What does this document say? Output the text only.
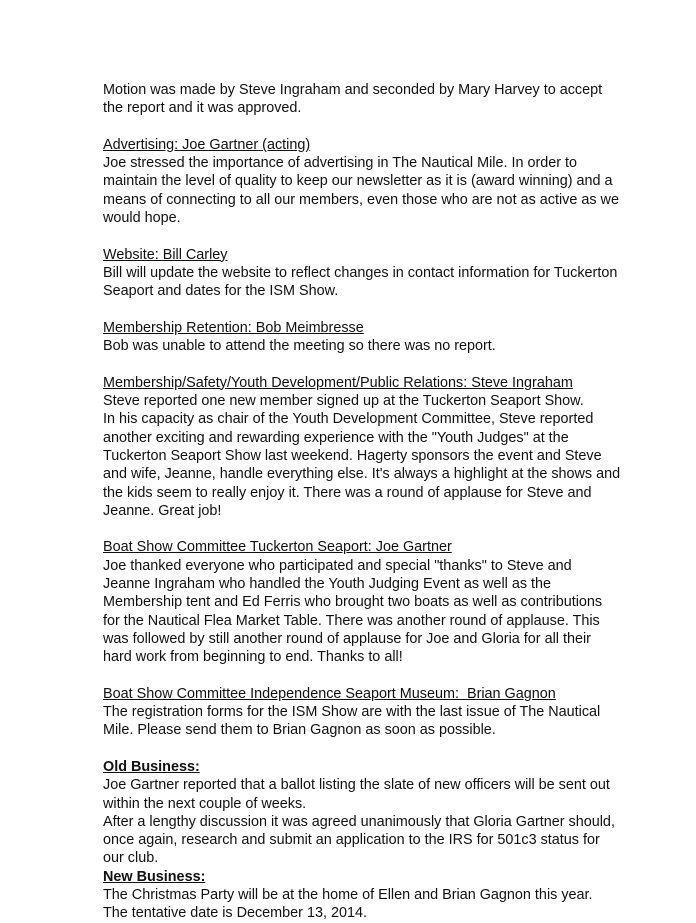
Motion was made by Steve Ingraham and seconded by Mary Harvey to accept
the report and it was approved.
Advertising: Joe Gartner (acting)
Joe stressed the importance of advertising in The Nautical Mile. In order to
maintain the level of quality to keep our newsletter as it is (award winning) and a
means of connecting to all our members, even those who are not as active as we
would hope.
Website: Bill Carley
Bill will update the website to reflect changes in contact information for Tuckerton
Seaport and dates for the ISM Show.
Membership Retention: Bob Meimbresse
Bob was unable to attend the meeting so there was no report.
Membership/Safety/Youth Development/Public Relations: Steve Ingraham
Steve reported one new member signed up at the Tuckerton Seaport Show.
In his capacity as chair of the Youth Development Committee, Steve reported
another exciting and rewarding experience with the "Youth Judges" at the
Tuckerton Seaport Show last weekend. Hagerty sponsors the event and Steve
and wife, Jeanne, handle everything else. It's always a highlight at the shows and
the kids seem to really enjoy it. There was a round of applause for Steve and
Jeanne. Great job!
Boat Show Committee Tuckerton Seaport: Joe Gartner
Joe thanked everyone who participated and special "thanks" to Steve and
Jeanne Ingraham who handled the Youth Judging Event as well as the
Membership tent and Ed Ferris who brought two boats as well as contributions
for the Nautical Flea Market Table. There was another round of applause. This
was followed by still another round of applause for Joe and Gloria for all their
hard work from beginning to end. Thanks to all!
Boat Show Committee Independence Seaport Museum:  Brian Gagnon
The registration forms for the ISM Show are with the last issue of The Nautical
Mile. Please send them to Brian Gagnon as soon as possible.
Old Business:
Joe Gartner reported that a ballot listing the slate of new officers will be sent out
within the next couple of weeks.
After a lengthy discussion it was agreed unanimously that Gloria Gartner should,
once again, research and submit an application to the IRS for 501c3 status for
our club.
New Business:
The Christmas Party will be at the home of Ellen and Brian Gagnon this year.
The tentative date is December 13, 2014.
